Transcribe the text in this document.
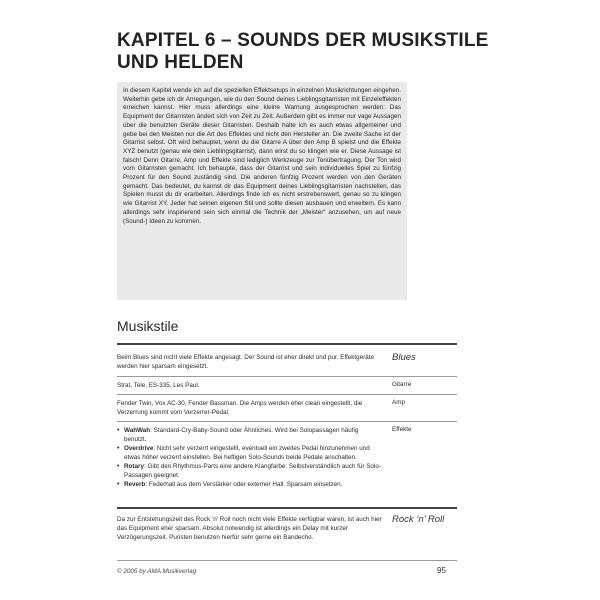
KAPITEL 6 – SOUNDS DER MUSIKSTILE
UND HELDEN

In diesem Kapitel wende ich auf die speziellen Effektsetups in einzelnen Musikrichtungen eingehen. Weiterhin gebe ich dir Anregungen, wie du den Sound deines Lieblingsgitarristen mit Einzeleffekten erreichen kannst. Hier muss allerdings eine kleine Warnung ausgesprochen werden: Das Equipment der Gitarristen ändert sich von Zeit zu Zeit. Außerdem gibt es immer nur vage Aussagen über die benutzten Geräte dieser Gitarristen. Deshalb halte ich es auch etwas allgemeiner und gebe bei den Meisten nur die Art des Effektes und nicht den Hersteller an. Die zweite Sache ist der Gitarrist selbst. Oft wird behauptet, wenn du die Gitarre A über den Amp B spielst und die Effekte XYZ benutzt (genau wie dein Lieblingsgitarrist), dann wirst du so klingen wie er. Diese Aussage ist falsch! Denn Gitarre, Amp und Effekte sind lediglich Werkzeuge zur Tonübertragung. Der Ton wird vom Gitarristen gemacht. Ich behaupte, dass der Gitarrist und sein individuelles Spiel zu fünfzig Prozent für den Sound zuständig sind. Die anderen fünfzig Prozent werden von den Geräten gemacht. Das bedeutet, du kannst dir das Equipment deines Lieblingsgitarristen nachstellen, das Spielen musst du dir erarbeiten. Allerdings finde ich es nicht erstrebenswert, genau so zu klingen wie Gitarrist XY. Jeder hat seinen eigenen Stil und sollte diesen ausbauen und erweitern. Es kann allerdings sehr inspirierend sein sich einmal die Technik der „Meister“ anzusehen, um auf neue (Sound-) Ideen zu kommen.

Musikstile

Beim Blues sind nicht viele Effekte angesagt. Der Sound ist eher direkt und pur. Effektgeräte werden hier sparsam eingesetzt.

Blues
Strat, Tele, ES-335, Les Paul.	Gitarre

Fender Twin, Vox AC-30, Fender Bassman. Die Amps werden eher clean eingestellt, die Verzerrung kommt vom Verzerrer-Pedal.

Amp
• WahWah: Standard-Cry-Baby-Sound oder Ähnliches. Wird bei Solopassagen häufig benutzt.
• Overdrive: Nicht sehr verzerrt eingestellt, eventuell ein zweites Pedal hinzunehmen und etwas höher verzerrt einstellen. Bei heftigen Solo-Sounds beide Pedale anschalten.
• Rotary: Gibt den Rhythmus-Parts eine andere Klangfarbe. Selbstverständlich auch für Solo-Passagen geeignet.
• Reverb: Federhall aus dem Verstärker oder externer Hall. Sparsam einsetzen.
Effekte

Da zur Entstehungszeit des Rock ’n’ Roll noch nicht viele Effekte verfügbar waren, ist auch hier das Equipment eher sparsam. Absolut notwendig ist allerdings ein Delay mit kurzer Verzögerungszeit. Puristen benutzen hierfür sehr gerne ein Bandecho.

Rock ’n’ Roll
© 2005 by AMA Musikverlag	95
